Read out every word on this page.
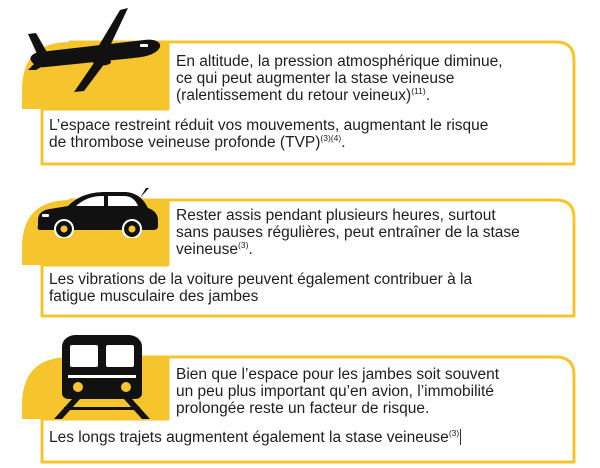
En altitude, la pression atmosphérique diminue,
ce qui peut augmenter la stase veineuse
(ralentissement du retour veineux)$^{(11)}$.
L’espace restreint réduit vos mouvements, augmentant le risque
de thrombose veineuse profonde (TVP)$^{(3)(4)}$.
Rester assis pendant plusieurs heures, surtout
sans pauses régulières, peut entraîner de la stase
veineuse$^{(3)}$.
Les vibrations de la voiture peuvent également contribuer à la
fatigue musculaire des jambes
Bien que l’espace pour les jambes soit souvent
un peu plus important qu’en avion, l’immobilité
prolongée reste un facteur de risque.
Les longs trajets augmentent également la stase veineuse$^{(3)}$
